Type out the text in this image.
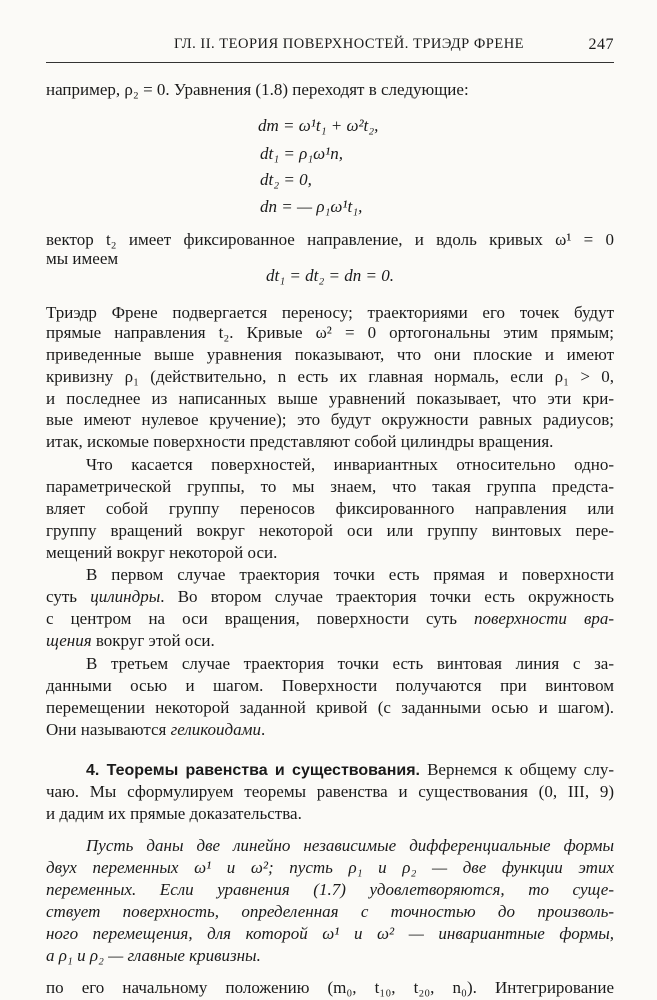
ГЛ. II. ТЕОРИЯ ПОВЕРХНОСТЕЙ. ТРИЭДР ФРЕНЕ	247
например, ρ₂ = 0. Уравнения (1.8) переходят в следующие:
dm = ω¹t₁ + ω²t₂,
dt₁ = ρ₁ω¹n,
dt₂ = 0,
dn = — ρ₁ω¹t₁,
вектор t₂ имеет фиксированное направление, и вдоль кривых ω¹ = 0
мы имеем
dt₁ = dt₂ = dn = 0.
Триэдр Френе подвергается переносу; траекториями его точек будут
прямые направления t₂. Кривые ω² = 0 ортогональны этим прямым;
приведенные выше уравнения показывают, что они плоские и имеют
кривизну ρ₁ (действительно, n есть их главная нормаль, если ρ₁ > 0,
и последнее из написанных выше уравнений показывает, что эти кри-
вые имеют нулевое кручение); это будут окружности равных радиусов;
итак, искомые поверхности представляют собой цилиндры вращения.
Что касается поверхностей, инвариантных относительно одно-
параметрической группы, то мы знаем, что такая группа предста-
вляет собой группу переносов фиксированного направления или
группу вращений вокруг некоторой оси или группу винтовых пере-
мещений вокруг некоторой оси.
В первом случае траектория точки есть прямая и поверхности
суть цилиндры. Во втором случае траектория точки есть окружность
с центром на оси вращения, поверхности суть поверхности вра-
щения вокруг этой оси.
В третьем случае траектория точки есть винтовая линия с за-
данными осью и шагом. Поверхности получаются при винтовом
перемещении некоторой заданной кривой (с заданными осью и шагом).
Они называются геликоидами.
4. Теоремы равенства и существования. Вернемся к общему слу-
чаю. Мы сформулируем теоремы равенства и существования (0, III, 9)
и дадим их прямые доказательства.
Пусть даны две линейно независимые дифференциальные формы
двух переменных ω¹ и ω²; пусть ρ₁ и ρ₂ — две функции этих
переменных. Если уравнения (1.7) удовлетворяются, то суще-
ствует поверхность, определенная с точностью до произволь-
ного перемещения, для которой ω¹ и ω² — инвариантные формы,
а ρ₁ и ρ₂ — главные кривизны.
по его начальному положению (m₀, t₁₀, t₂₀, n₀). Интегрирование
